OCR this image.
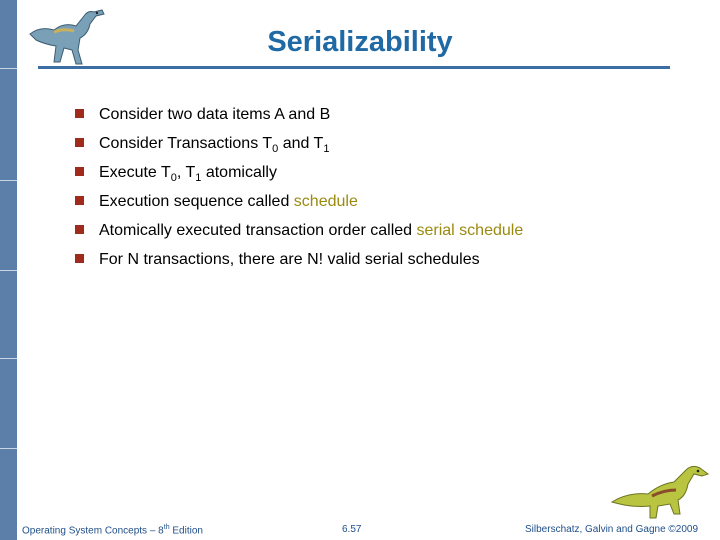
Serializability
Consider two data items A and B
Consider Transactions $T_0$ and $T_1$
Execute $T_0$, $T_1$ atomically
Execution sequence called schedule
Atomically executed transaction order called serial schedule
For N transactions, there are N! valid serial schedules
Operating System Concepts – 8th Edition	6.57	Silberschatz, Galvin and Gagne ©2009
